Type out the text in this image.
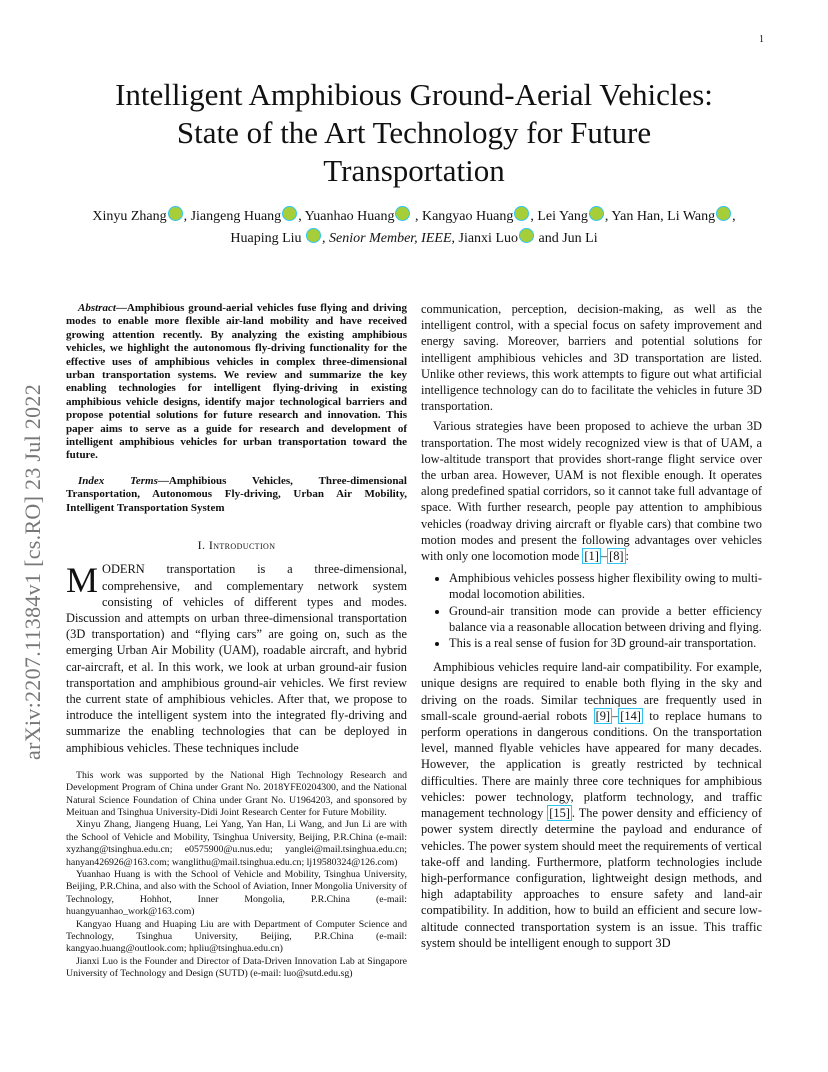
1
arXiv:2207.11384v1 [cs.RO] 23 Jul 2022
Intelligent Amphibious Ground-Aerial Vehicles:
State of the Art Technology for Future
Transportation
Xinyu Zhang , Jiangeng Huang , Yuanhao Huang , Kangyao Huang , Lei Yang , Yan Han, Li Wang ,
Huaping Liu , Senior Member, IEEE, Jianxi Luo and Jun Li

Abstract—Amphibious ground-aerial vehicles fuse flying and driving modes to enable more flexible air-land mobility and have received growing attention recently. By analyzing the existing amphibious vehicles, we highlight the autonomous fly-driving functionality for the effective uses of amphibious vehicles in complex three-dimensional urban transportation systems. We review and summarize the key enabling technologies for intelligent flying-driving in existing amphibious vehicle designs, identify major technological barriers and propose potential solutions for future research and innovation. This paper aims to serve as a guide for research and development of intelligent amphibious vehicles for urban transportation toward the future.

Index Terms—Amphibious Vehicles, Three-dimensional Transportation, Autonomous Fly-driving, Urban Air Mobility, Intelligent Transportation System

I. Introduction

MODERN transportation is a three-dimensional, comprehensive, and complementary network system consisting of vehicles of different types and modes. Discussion and attempts on urban three-dimensional transportation (3D transportation) and “flying cars” are going on, such as the emerging Urban Air Mobility (UAM), roadable aircraft, and hybrid car-aircraft, et al. In this work, we look at urban ground-air fusion transportation and amphibious ground-air vehicles. We first review the current state of amphibious vehicles. After that, we propose to introduce the intelligent system into the integrated fly-driving and summarize the enabling technologies that can be deployed in amphibious vehicles. These techniques include

This work was supported by the National High Technology Research and Development Program of China under Grant No. 2018YFE0204300, and the National Natural Science Foundation of China under Grant No. U1964203, and sponsored by Meituan and Tsinghua University-Didi Joint Research Center for Future Mobility.

Xinyu Zhang, Jiangeng Huang, Lei Yang, Yan Han, Li Wang, and Jun Li are with the School of Vehicle and Mobility, Tsinghua University, Beijing, P.R.China (e-mail: xyzhang@tsinghua.edu.cn; e0575900@u.nus.edu; yanglei@mail.tsinghua.edu.cn; hanyan426926@163.com; wanglithu@mail.tsinghua.edu.cn; lj19580324@126.com)

Yuanhao Huang is with the School of Vehicle and Mobility, Tsinghua University, Beijing, P.R.China, and also with the School of Aviation, Inner Mongolia University of Technology, Hohhot, Inner Mongolia, P.R.China (e-mail: huangyuanhao_work@163.com)

Kangyao Huang and Huaping Liu are with Department of Computer Science and Technology, Tsinghua University, Beijing, P.R.China (e-mail: kangyao.huang@outlook.com; hpliu@tsinghua.edu.cn)

Jianxi Luo is the Founder and Director of Data-Driven Innovation Lab at Singapore University of Technology and Design (SUTD) (e-mail: luo@sutd.edu.sg)

communication, perception, decision-making, as well as the intelligent control, with a special focus on safety improvement and energy saving. Moreover, barriers and potential solutions for intelligent amphibious vehicles and 3D transportation are listed. Unlike other reviews, this work attempts to figure out what artificial intelligence technology can do to facilitate the vehicles in future 3D transportation.

Various strategies have been proposed to achieve the urban 3D transportation. The most widely recognized view is that of UAM, a low-altitude transport that provides short-range flight service over the urban area. However, UAM is not flexible enough. It operates along predefined spatial corridors, so it cannot take full advantage of space. With further research, people pay attention to amphibious vehicles (roadway driving aircraft or flyable cars) that combine two motion modes and present the following advantages over vehicles with only one locomotion mode [1] – [8] :

• Amphibious vehicles possess higher flexibility owing to multi-modal locomotion abilities.
• Ground-air transition mode can provide a better efficiency balance via a reasonable allocation between driving and flying.
• This is a real sense of fusion for 3D ground-air transportation.

Amphibious vehicles require land-air compatibility. For example, unique designs are required to enable both flying in the sky and driving on the roads. Similar techniques are frequently used in small-scale ground-aerial robots [9] – [14] to replace humans to perform operations in dangerous conditions. On the transportation level, manned flyable vehicles have appeared for many decades. However, the application is greatly restricted by technical difficulties. There are mainly three core techniques for amphibious vehicles: power technology, platform technology, and traffic management technology [15] . The power density and efficiency of power system directly determine the payload and endurance of vehicles. The power system should meet the requirements of vertical take-off and landing. Furthermore, platform technologies include high-performance configuration, lightweight design methods, and high adaptability approaches to ensure safety and land-air compatibility. In addition, how to build an efficient and secure low-altitude connected transportation system is an issue. This traffic system should be intelligent enough to support 3D
